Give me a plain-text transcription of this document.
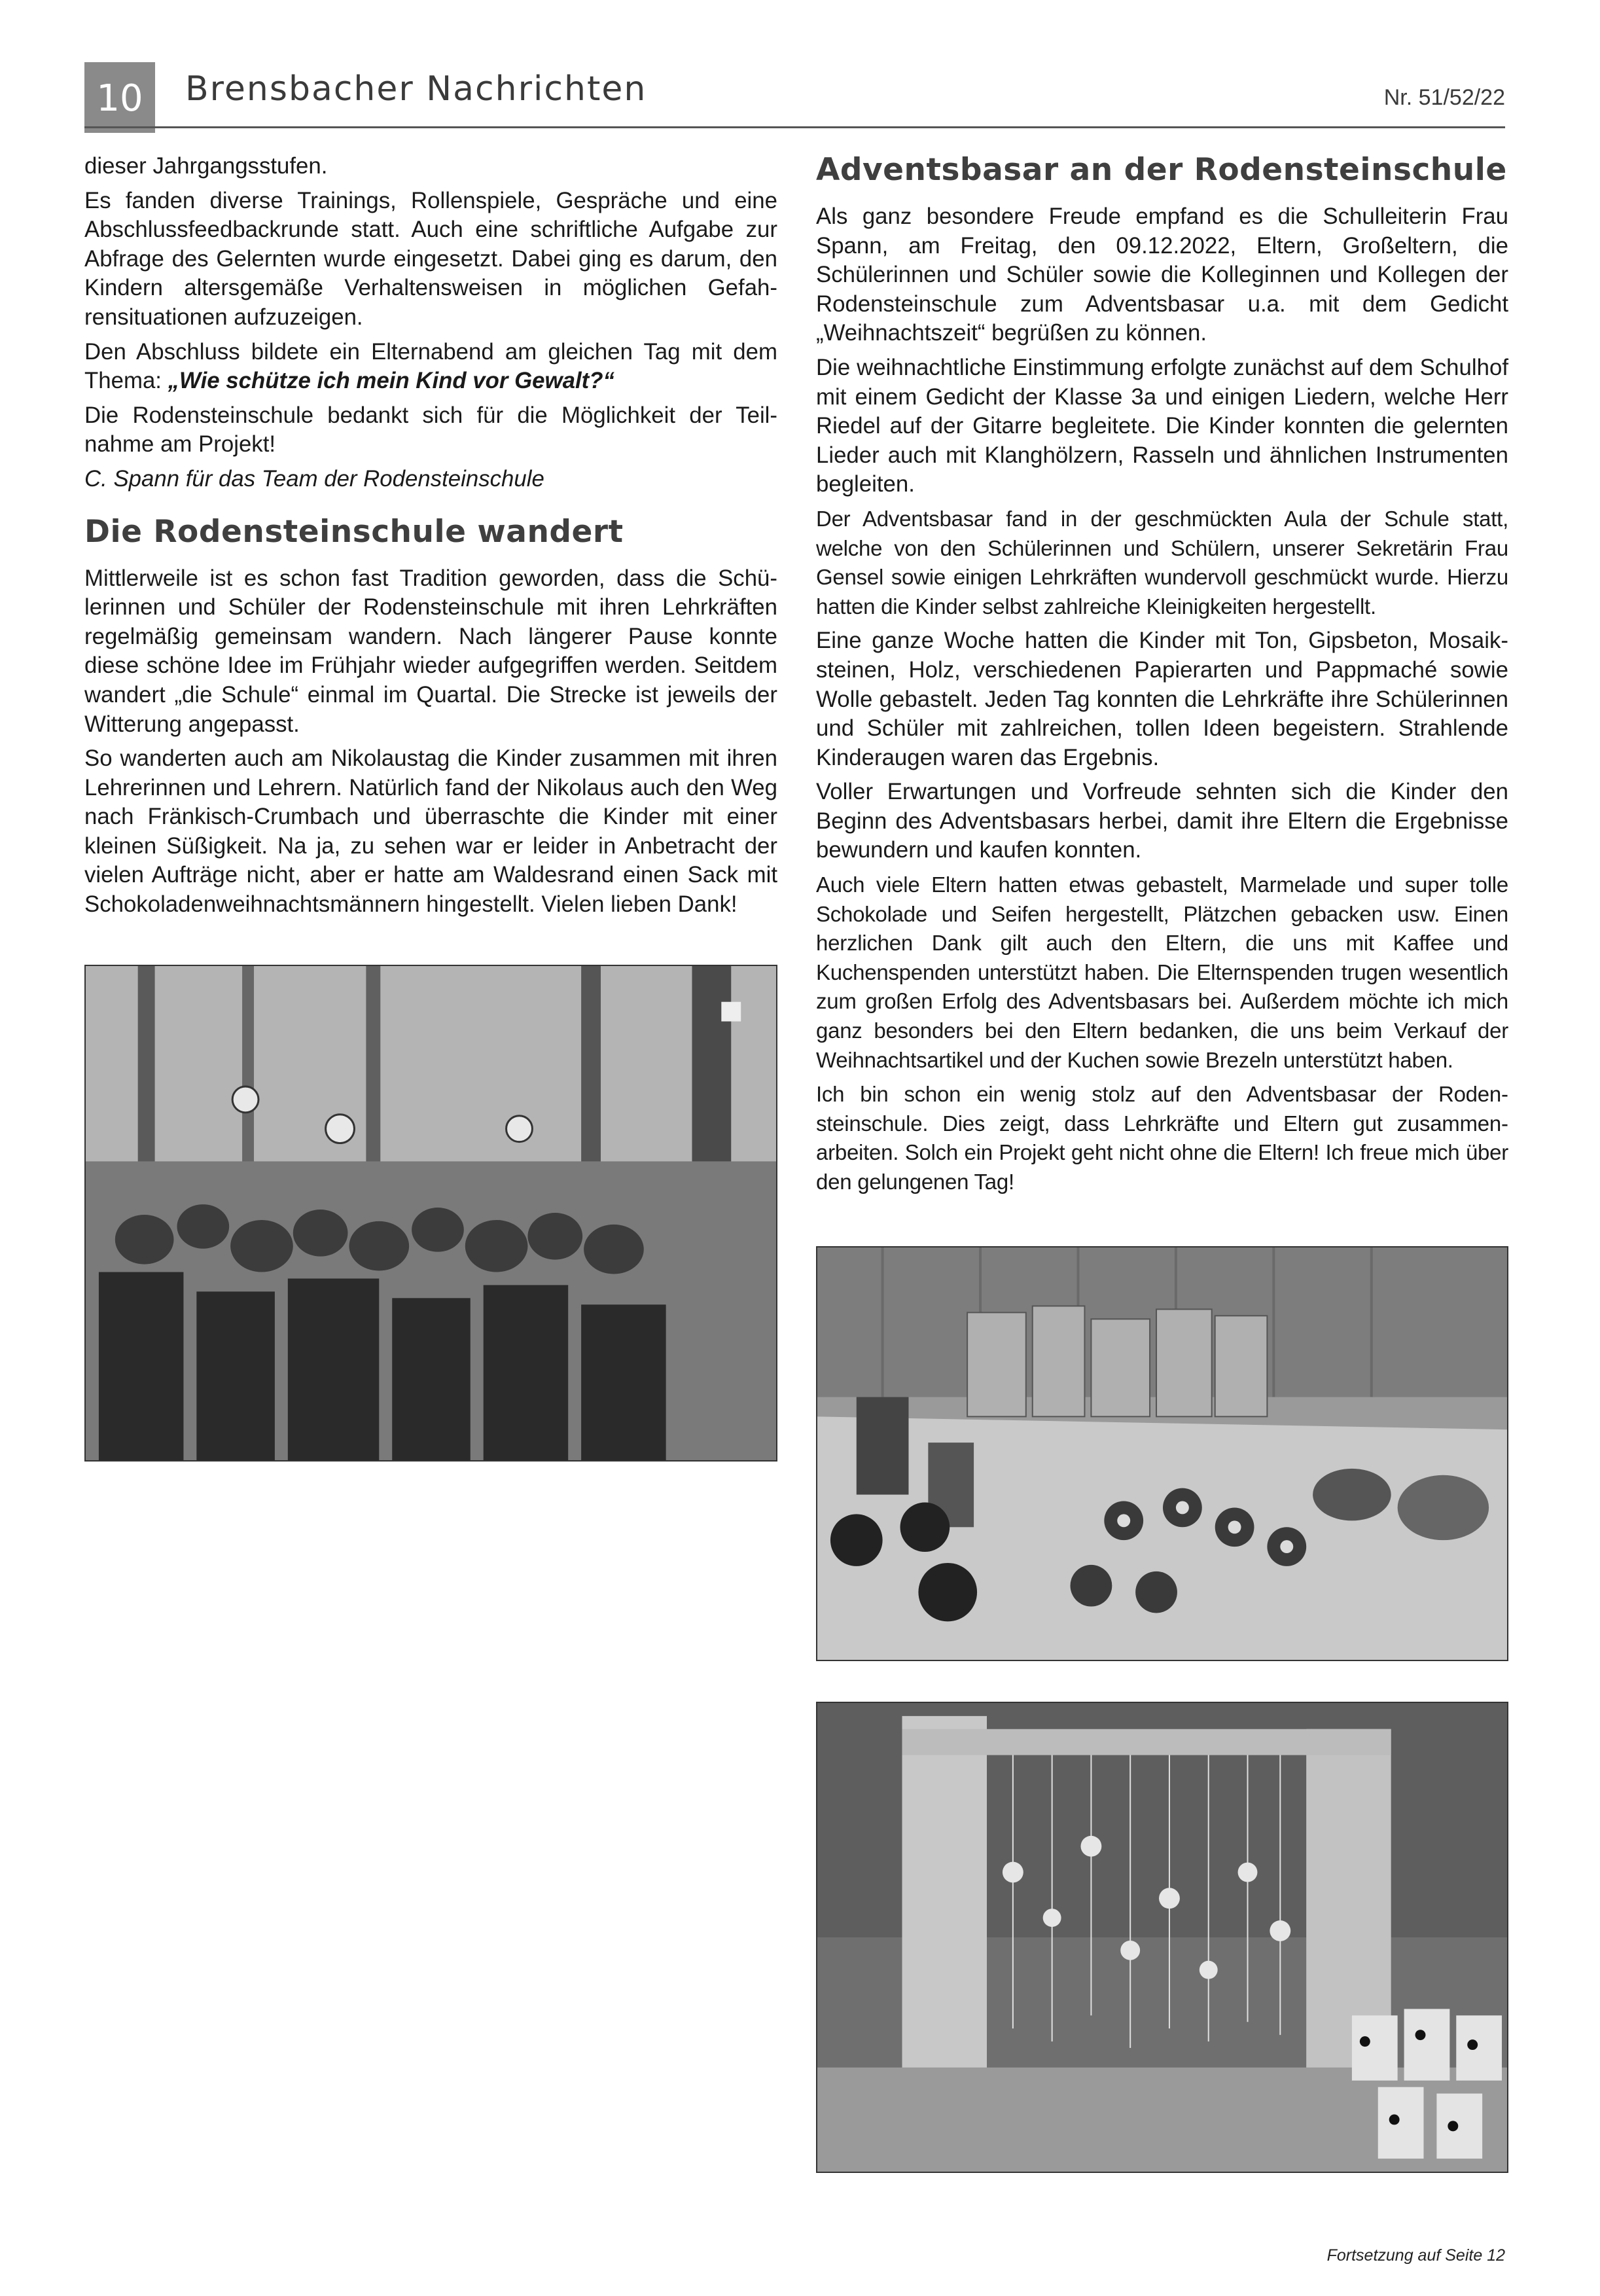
10	Brensbacher Nachrichten	Nr. 51/52/22

dieser Jahrgangsstufen.

Es fanden diverse Trainings, Rollenspiele, Gespräche und eine Abschlussfeedbackrunde statt. Auch eine schriftliche Aufgabe zur Abfrage des Gelernten wurde eingesetzt. Dabei ging es darum, den Kindern altersgemäße Verhaltensweisen in möglichen Gefahrensituationen aufzuzeigen.

Den Abschluss bildete ein Elternabend am gleichen Tag mit dem Thema: „Wie schütze ich mein Kind vor Gewalt?“

Die Rodensteinschule bedankt sich für die Möglichkeit der Teilnahme am Projekt!

C. Spann für das Team der Rodensteinschule

Die Rodensteinschule wandert

Mittlerweile ist es schon fast Tradition geworden, dass die Schülerinnen und Schüler der Rodensteinschule mit ihren Lehrkräften regelmäßig gemeinsam wandern. Nach längerer Pause konnte diese schöne Idee im Frühjahr wieder aufgegriffen werden. Seitdem wandert „die Schule“ einmal im Quartal. Die Strecke ist jeweils der Witterung angepasst.

So wanderten auch am Nikolaustag die Kinder zusammen mit ihren Lehrerinnen und Lehrern. Natürlich fand der Nikolaus auch den Weg nach Fränkisch-Crumbach und überraschte die Kinder mit einer kleinen Süßigkeit. Na ja, zu sehen war er leider in Anbetracht der vielen Aufträge nicht, aber er hatte am Waldesrand einen Sack mit Schokoladenweihnachtsmännern hingestellt. Vielen lieben Dank!

Adventsbasar an der Rodensteinschule

Als ganz besondere Freude empfand es die Schulleiterin Frau Spann, am Freitag, den 09.12.2022, Eltern, Großeltern, die Schülerinnen und Schüler sowie die Kolleginnen und Kollegen der Rodensteinschule zum Adventsbasar u.a. mit dem Gedicht „Weihnachtszeit“ begrüßen zu können.

Die weihnachtliche Einstimmung erfolgte zunächst auf dem Schulhof mit einem Gedicht der Klasse 3a und einigen Liedern, welche Herr Riedel auf der Gitarre begleitete. Die Kinder konnten die gelernten Lieder auch mit Klanghölzern, Rasseln und ähnlichen Instrumenten begleiten.

Der Adventsbasar fand in der geschmückten Aula der Schule statt, welche von den Schülerinnen und Schülern, unserer Sekretärin Frau Gensel sowie einigen Lehrkräften wundervoll geschmückt wurde. Hierzu hatten die Kinder selbst zahlreiche Kleinigkeiten hergestellt.

Eine ganze Woche hatten die Kinder mit Ton, Gipsbeton, Mosaiksteinen, Holz, verschiedenen Papierarten und Pappmaché sowie Wolle gebastelt. Jeden Tag konnten die Lehrkräfte ihre Schülerinnen und Schüler mit zahlreichen, tollen Ideen begeistern. Strahlende Kinderaugen waren das Ergebnis.

Voller Erwartungen und Vorfreude sehnten sich die Kinder den Beginn des Adventsbasars herbei, damit ihre Eltern die Ergebnisse bewundern und kaufen konnten.

Auch viele Eltern hatten etwas gebastelt, Marmelade und super tolle Schokolade und Seifen hergestellt, Plätzchen gebacken usw. Einen herzlichen Dank gilt auch den Eltern, die uns mit Kaffee und Kuchenspenden unterstützt haben. Die Elternspenden trugen wesentlich zum großen Erfolg des Adventsbasars bei. Außerdem möchte ich mich ganz besonders bei den Eltern bedanken, die uns beim Verkauf der Weihnachtsartikel und der Kuchen sowie Brezeln unterstützt haben.

Ich bin schon ein wenig stolz auf den Adventsbasar der Rodensteinschule. Dies zeigt, dass Lehrkräfte und Eltern gut zusammenarbeiten. Solch ein Projekt geht nicht ohne die Eltern! Ich freue mich über den gelungenen Tag!

Fortsetzung auf Seite 12
